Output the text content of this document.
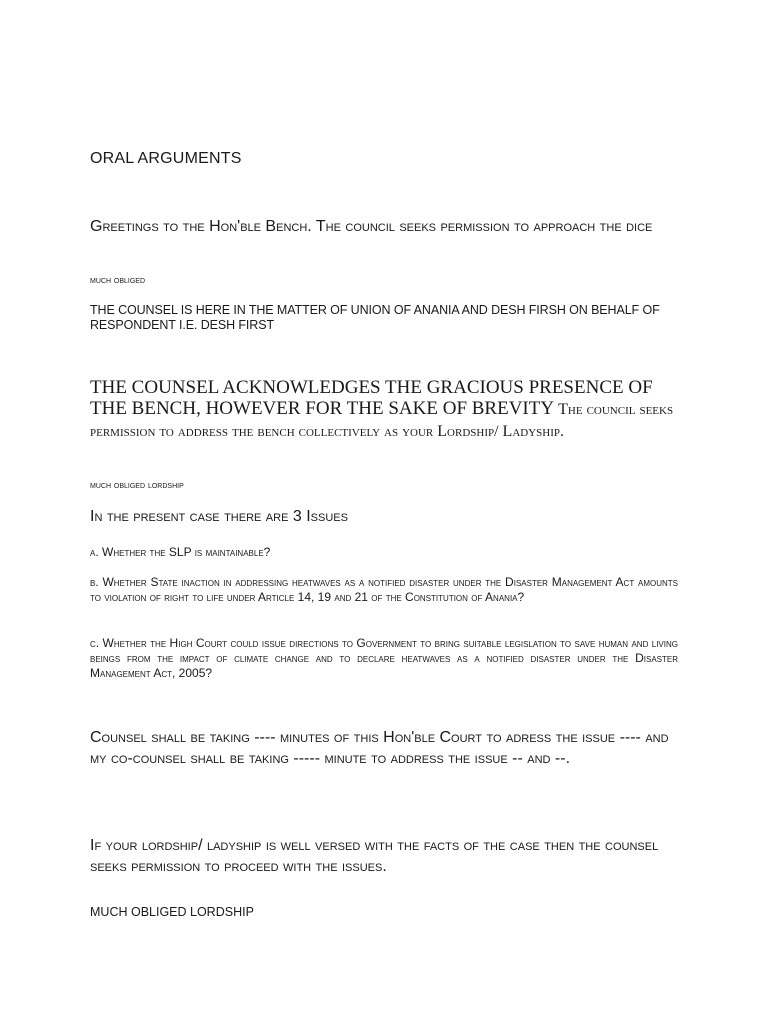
ORAL ARGUMENTS

Greetings to the Hon'ble Bench. The council seeks permission to approach the dice

much obliged

THE COUNSEL IS HERE IN THE MATTER OF UNION OF ANANIA AND DESH FIRSH ON BEHALF OF RESPONDENT I.E. DESH FIRST

THE COUNSEL ACKNOWLEDGES THE GRACIOUS PRESENCE OF THE BENCH, HOWEVER FOR THE SAKE OF BREVITY The council seeks permission to address the bench collectively as your Lordship/ Ladyship.

much obliged lordship

In the present case there are 3 Issues

a. Whether the SLP is maintainable?

b. Whether State inaction in addressing heatwaves as a notified disaster under the Disaster Management Act amounts to violation of right to life under Article 14, 19 and 21 of the Constitution of Anania?

c. Whether the High Court could issue directions to Government to bring suitable legislation to save human and living beings from the impact of climate change and to declare heatwaves as a notified disaster under the Disaster Management Act, 2005?

Counsel shall be taking ---- minutes of this Hon'ble Court to adress the issue ---- and my co-counsel shall be taking ----- minute to address the issue -- and --.

If your lordship/ ladyship is well versed with the facts of the case then the counsel seeks permission to proceed with the issues.

MUCH OBLIGED LORDSHIP
